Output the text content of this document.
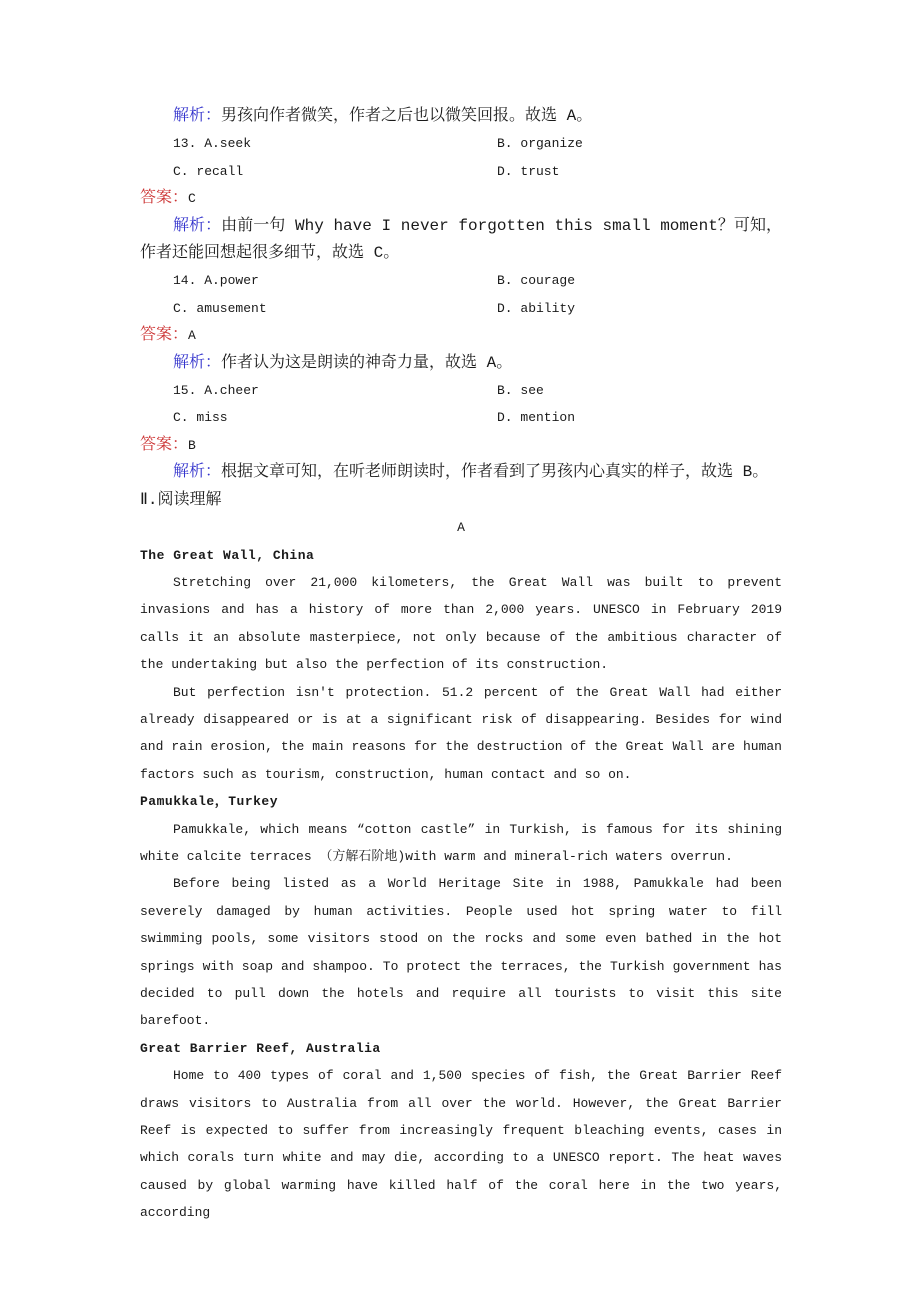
解析：男孩向作者微笑，作者之后也以微笑回报。故选 A。

13. A.seek	B. organize
C. recall	D. trust

答案：C

解析：由前一句 Why have I never forgotten this small moment？可知，作者还能回想起很多细节，故选 C。

14. A.power	B. courage
C. amusement	D. ability

答案：A

解析：作者认为这是朗读的神奇力量，故选 A。

15. A.cheer	B. see
C. miss	D. mention

答案：B

解析：根据文章可知，在听老师朗读时，作者看到了男孩内心真实的样子，故选 B。

Ⅱ.阅读理解

A

The Great Wall, China

Stretching over 21,000 kilometers, the Great Wall was built to prevent invasions and has a history of more than 2,000 years. UNESCO in February 2019 calls it an absolute masterpiece, not only because of the ambitious character of the undertaking but also the perfection of its construction.

But perfection isn't protection. 51.2 percent of the Great Wall had either already disappeared or is at a significant risk of disappearing. Besides for wind and rain erosion, the main reasons for the destruction of the Great Wall are human factors such as tourism, construction, human contact and so on.

Pamukkale，Turkey

Pamukkale, which means “cotton castle” in Turkish, is famous for its shining white calcite terraces （方解石阶地)with warm and mineral-rich waters overrun.

Before being listed as a World Heritage Site in 1988, Pamukkale had been severely damaged by human activities. People used hot spring water to fill swimming pools, some visitors stood on the rocks and some even bathed in the hot springs with soap and shampoo. To protect the terraces, the Turkish government has decided to pull down the hotels and require all tourists to visit this site barefoot.

Great Barrier Reef, Australia

Home to 400 types of coral and 1,500 species of fish, the Great Barrier Reef draws visitors to Australia from all over the world. However, the Great Barrier Reef is expected to suffer from increasingly frequent bleaching events, cases in which corals turn white and may die, according to a UNESCO report. The heat waves caused by global warming have killed half of the coral here in the two years, according
